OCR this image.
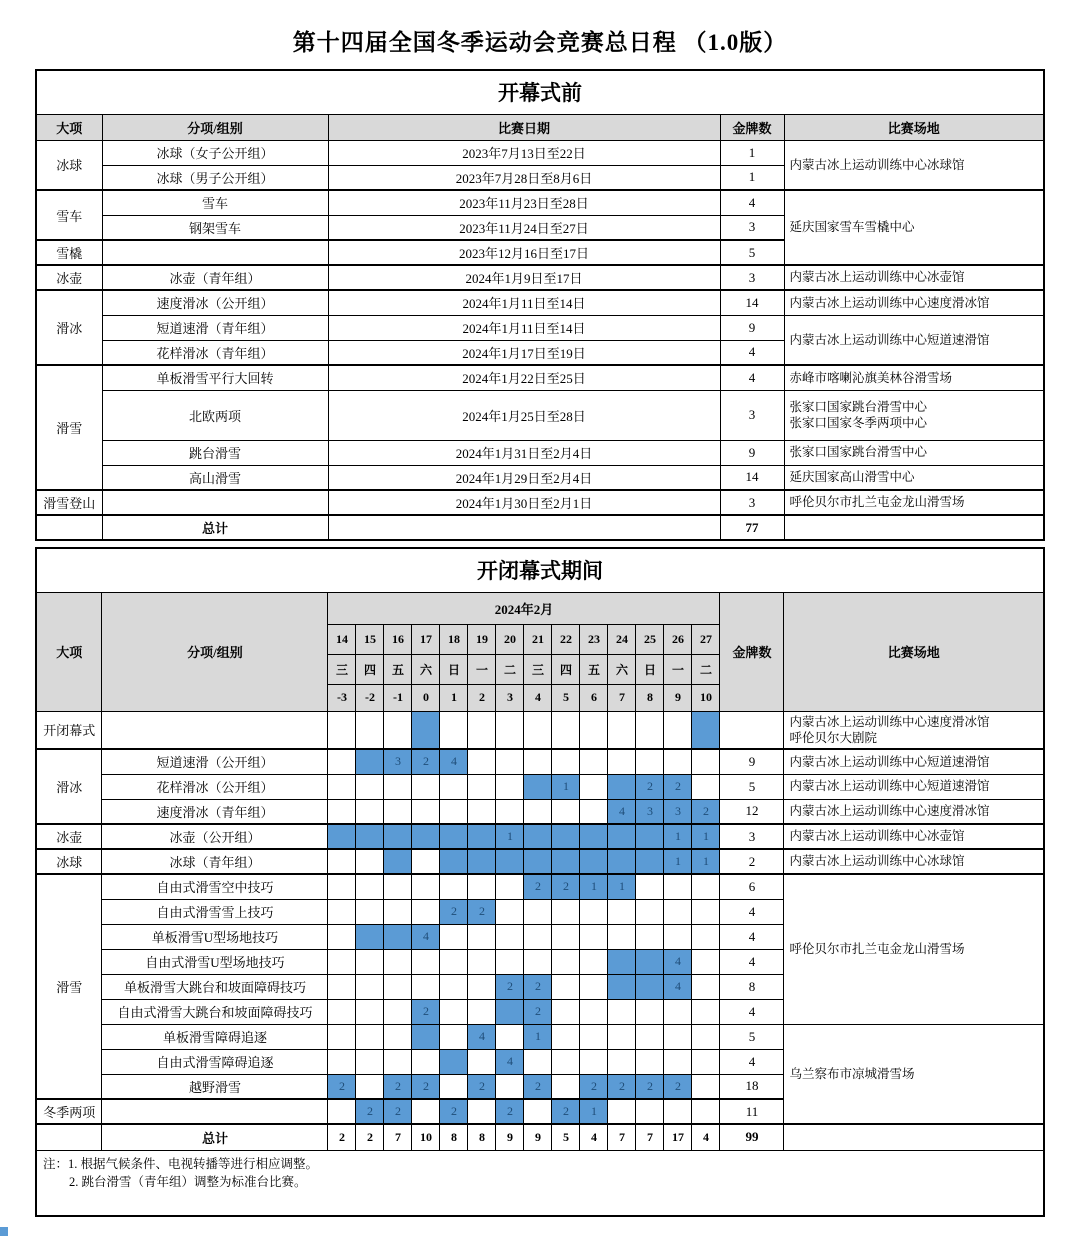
第十四届全国冬季运动会竞赛总日程 （1.0版）
开幕式前				
大项	分项/组别	比赛日期	金牌数	比赛场地
冰球	冰球（女子公开组）	2023年7月13日至22日	1	内蒙古冰上运动训练中心冰球馆
	冰球（男子公开组）	2023年7月28日至8月6日	1	
雪车	雪车	2023年11月23日至28日	4	延庆国家雪车雪橇中心
	钢架雪车	2023年11月24日至27日	3	
雪橇		2023年12月16日至17日	5	
冰壶	冰壶（青年组）	2024年1月9日至17日	3	内蒙古冰上运动训练中心冰壶馆
滑冰	速度滑冰（公开组）	2024年1月11日至14日	14	内蒙古冰上运动训练中心速度滑冰馆
	短道速滑（青年组）	2024年1月11日至14日	9	内蒙古冰上运动训练中心短道速滑馆
	花样滑冰（青年组）	2024年1月17日至19日	4	
滑雪	单板滑雪平行大回转	2024年1月22日至25日	4	赤峰市喀喇沁旗美林谷滑雪场
	北欧两项	2024年1月25日至28日	3	张家口国家跳台滑雪中心
张家口国家冬季两项中心

	跳台滑雪	2024年1月31日至2月4日	9	张家口国家跳台滑雪中心
	高山滑雪	2024年1月29日至2月4日	14	延庆国家高山滑雪中心
滑雪登山		2024年1月30日至2月1日	3	呼伦贝尔市扎兰屯金龙山滑雪场
	总计		77	
开闭幕式期间																	
大项	分项/组别	2024年2月														金牌数	比赛场地
		14	15	16	17	18	19	20	21	22	23	24	25	26	27		
		三	四	五	六	日	一	二	三	四	五	六	日	一	二		
		-3	-2	-1	0	1	2	3	4	5	6	7	8	9	10		
开闭幕式																	内蒙古冰上运动训练中心速度滑冰馆
呼伦贝尔大剧院

滑冰	短道速滑（公开组）			3	2	4										9	内蒙古冰上运动训练中心短道速滑馆
	花样滑冰（公开组）									1			2	2		5	内蒙古冰上运动训练中心短道速滑馆
	速度滑冰（青年组）											4	3	3	2	12	内蒙古冰上运动训练中心速度滑冰馆
冰壶	冰壶（公开组）							1						1	1	3	内蒙古冰上运动训练中心冰壶馆
冰球	冰球（青年组）													1	1	2	内蒙古冰上运动训练中心冰球馆
滑雪	自由式滑雪空中技巧								2	2	1	1				6	呼伦贝尔市扎兰屯金龙山滑雪场
	自由式滑雪雪上技巧					2	2									4	
	单板滑雪U型场地技巧				4											4	
	自由式滑雪U型场地技巧													4		4	
	单板滑雪大跳台和坡面障碍技巧							2	2					4		8	
	自由式滑雪大跳台和坡面障碍技巧				2				2							4	
	单板滑雪障碍追逐						4		1							5	乌兰察布市凉城滑雪场
	自由式滑雪障碍追逐							4								4	
	越野滑雪	2		2	2		2		2		2	2	2	2		18	
冬季两项			2	2		2		2		2	1					11	
	总计	2	2	7	10	8	8	9	9	5	4	7	7	17	4	99	

注：1. 根据气候条件、电视转播等进行相应调整。
2. 跳台滑雪（青年组）调整为标准台比赛。																	
